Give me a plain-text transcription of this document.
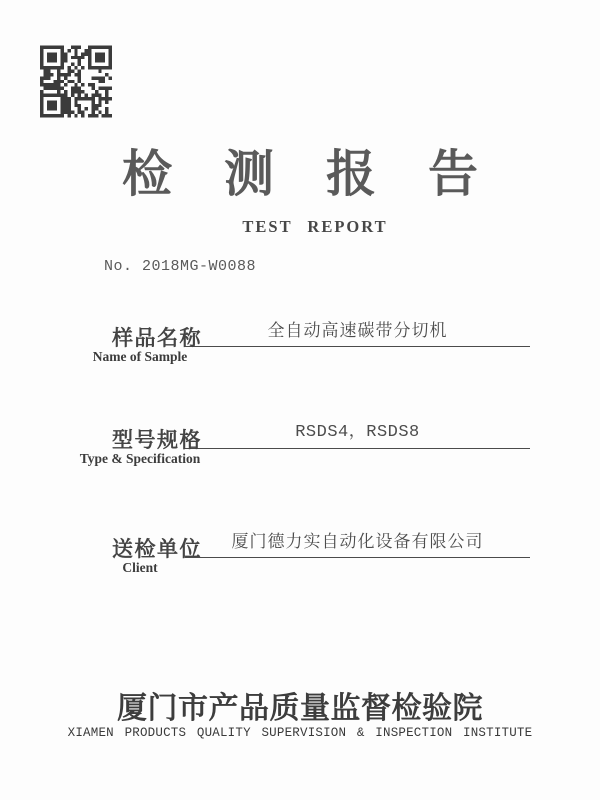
检测报告
TEST REPORT
No. 2018MG-W0088
全自动高速碳带分切机
样品名称
Name of Sample
RSDS4，RSDS8
型号规格
Type & Specification
厦门德力实自动化设备有限公司
送检单位
Client
厦门市产品质量监督检验院
XIAMEN PRODUCTS QUALITY SUPERVISION & INSPECTION INSTITUTE
